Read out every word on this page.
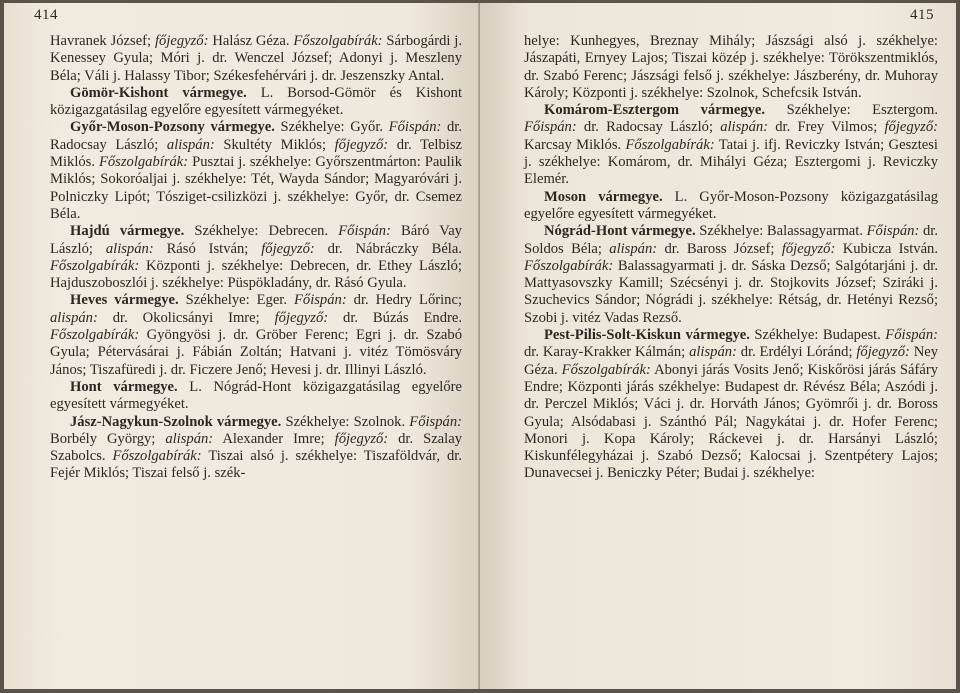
414

Havranek József; főjegyző: Halász Géza. Főszolgabírák: Sárbogárdi j. Kenessey Gyula; Móri j. dr. Wenczel József; Adonyi j. Meszleny Béla; Váli j. Halassy Tibor; Székesfehérvári j. dr. Jeszenszky Antal.

Gömör-Kishont vármegye. L. Borsod-Gömör és Kishont közigazgatásilag egyelőre egyesített vármegyéket.

Győr-Moson-Pozsony vármegye. Székhelye: Győr. Főispán: dr. Radocsay László; alispán: Skultéty Miklós; főjegyző: dr. Telbisz Miklós. Főszolgabírák: Pusztai j. székhelye: Győrszentmárton: Paulik Miklós; Sokoróaljai j. székhelye: Tét, Wayda Sándor; Magyaróvári j. Polniczky Lipót; Tósziget-csilizközi j. székhelye: Győr, dr. Csemez Béla.

Hajdú vármegye. Székhelye: Debrecen. Főispán: Báró Vay László; alispán: Rásó István; főjegyző: dr. Nábráczky Béla. Főszolgabírák: Központi j. székhelye: Debrecen, dr. Ethey László; Hajduszoboszlói j. székhelye: Püspökladány, dr. Rásó Gyula.

Heves vármegye. Székhelye: Eger. Főispán: dr. Hedry Lőrinc; alispán: dr. Okolicsányi Imre; főjegyző: dr. Búzás Endre. Főszolgabírák: Gyöngyösi j. dr. Gröber Ferenc; Egri j. dr. Szabó Gyula; Pétervásárai j. Fábián Zoltán; Hatvani j. vitéz Tömösváry János; Tiszafüredi j. dr. Ficzere Jenő; Hevesi j. dr. Illinyi László.

Hont vármegye. L. Nógrád-Hont közigazgatásilag egyelőre egyesített vármegyéket.

Jász-Nagykun-Szolnok vármegye. Székhelye: Szolnok. Főispán: Borbély György; alispán: Alexander Imre; főjegyző: dr. Szalay Szabolcs. Főszolgabírák: Tiszai alsó j. székhelye: Tiszaföldvár, dr. Fejér Miklós; Tiszai felső j. szék-

415

helye: Kunhegyes, Breznay Mihály; Jászsági alsó j. székhelye: Jászapáti, Ernyey Lajos; Tiszai közép j. székhelye: Törökszentmiklós, dr. Szabó Ferenc; Jászsági felső j. székhelye: Jászberény, dr. Muhoray Károly; Központi j. székhelye: Szolnok, Schefcsik István.

Komárom-Esztergom vármegye. Székhelye: Esztergom. Főispán: dr. Radocsay László; alispán: dr. Frey Vilmos; főjegyző: Karcsay Miklós. Főszolgabírák: Tatai j. ifj. Reviczky István; Gesztesi j. székhelye: Komárom, dr. Mihályi Géza; Esztergomi j. Reviczky Elemér.

Moson vármegye. L. Győr-Moson-Pozsony közigazgatásilag egyelőre egyesített vármegyéket.

Nógrád-Hont vármegye. Székhelye: Balassagyarmat. Főispán: dr. Soldos Béla; alispán: dr. Baross József; főjegyző: Kubicza István. Főszolgabírák: Balassagyarmati j. dr. Sáska Dezső; Salgótarjáni j. dr. Mattyasovszky Kamill; Szécsényi j. dr. Stojkovits József; Sziráki j. Szuchevics Sándor; Nógrádi j. székhelye: Rétság, dr. Hetényi Rezső; Szobi j. vitéz Vadas Rezső.

Pest-Pilis-Solt-Kiskun vármegye. Székhelye: Budapest. Főispán: dr. Karay-Krakker Kálmán; alispán: dr. Erdélyi Lóránd; főjegyző: Ney Géza. Főszolgabírák: Abonyi járás Vosits Jenő; Kiskőrösi járás Sáfáry Endre; Központi járás székhelye: Budapest dr. Révész Béla; Aszódi j. dr. Perczel Miklós; Váci j. dr. Horváth János; Gyömrői j. dr. Boross Gyula; Alsódabasi j. Szánthó Pál; Nagykátai j. dr. Hofer Ferenc; Monori j. Kopa Károly; Ráckevei j. dr. Harsányi László; Kiskunfélegyházai j. Szabó Dezső; Kalocsai j. Szentpétery Lajos; Dunavecsei j. Beniczky Péter; Budai j. székhelye:
